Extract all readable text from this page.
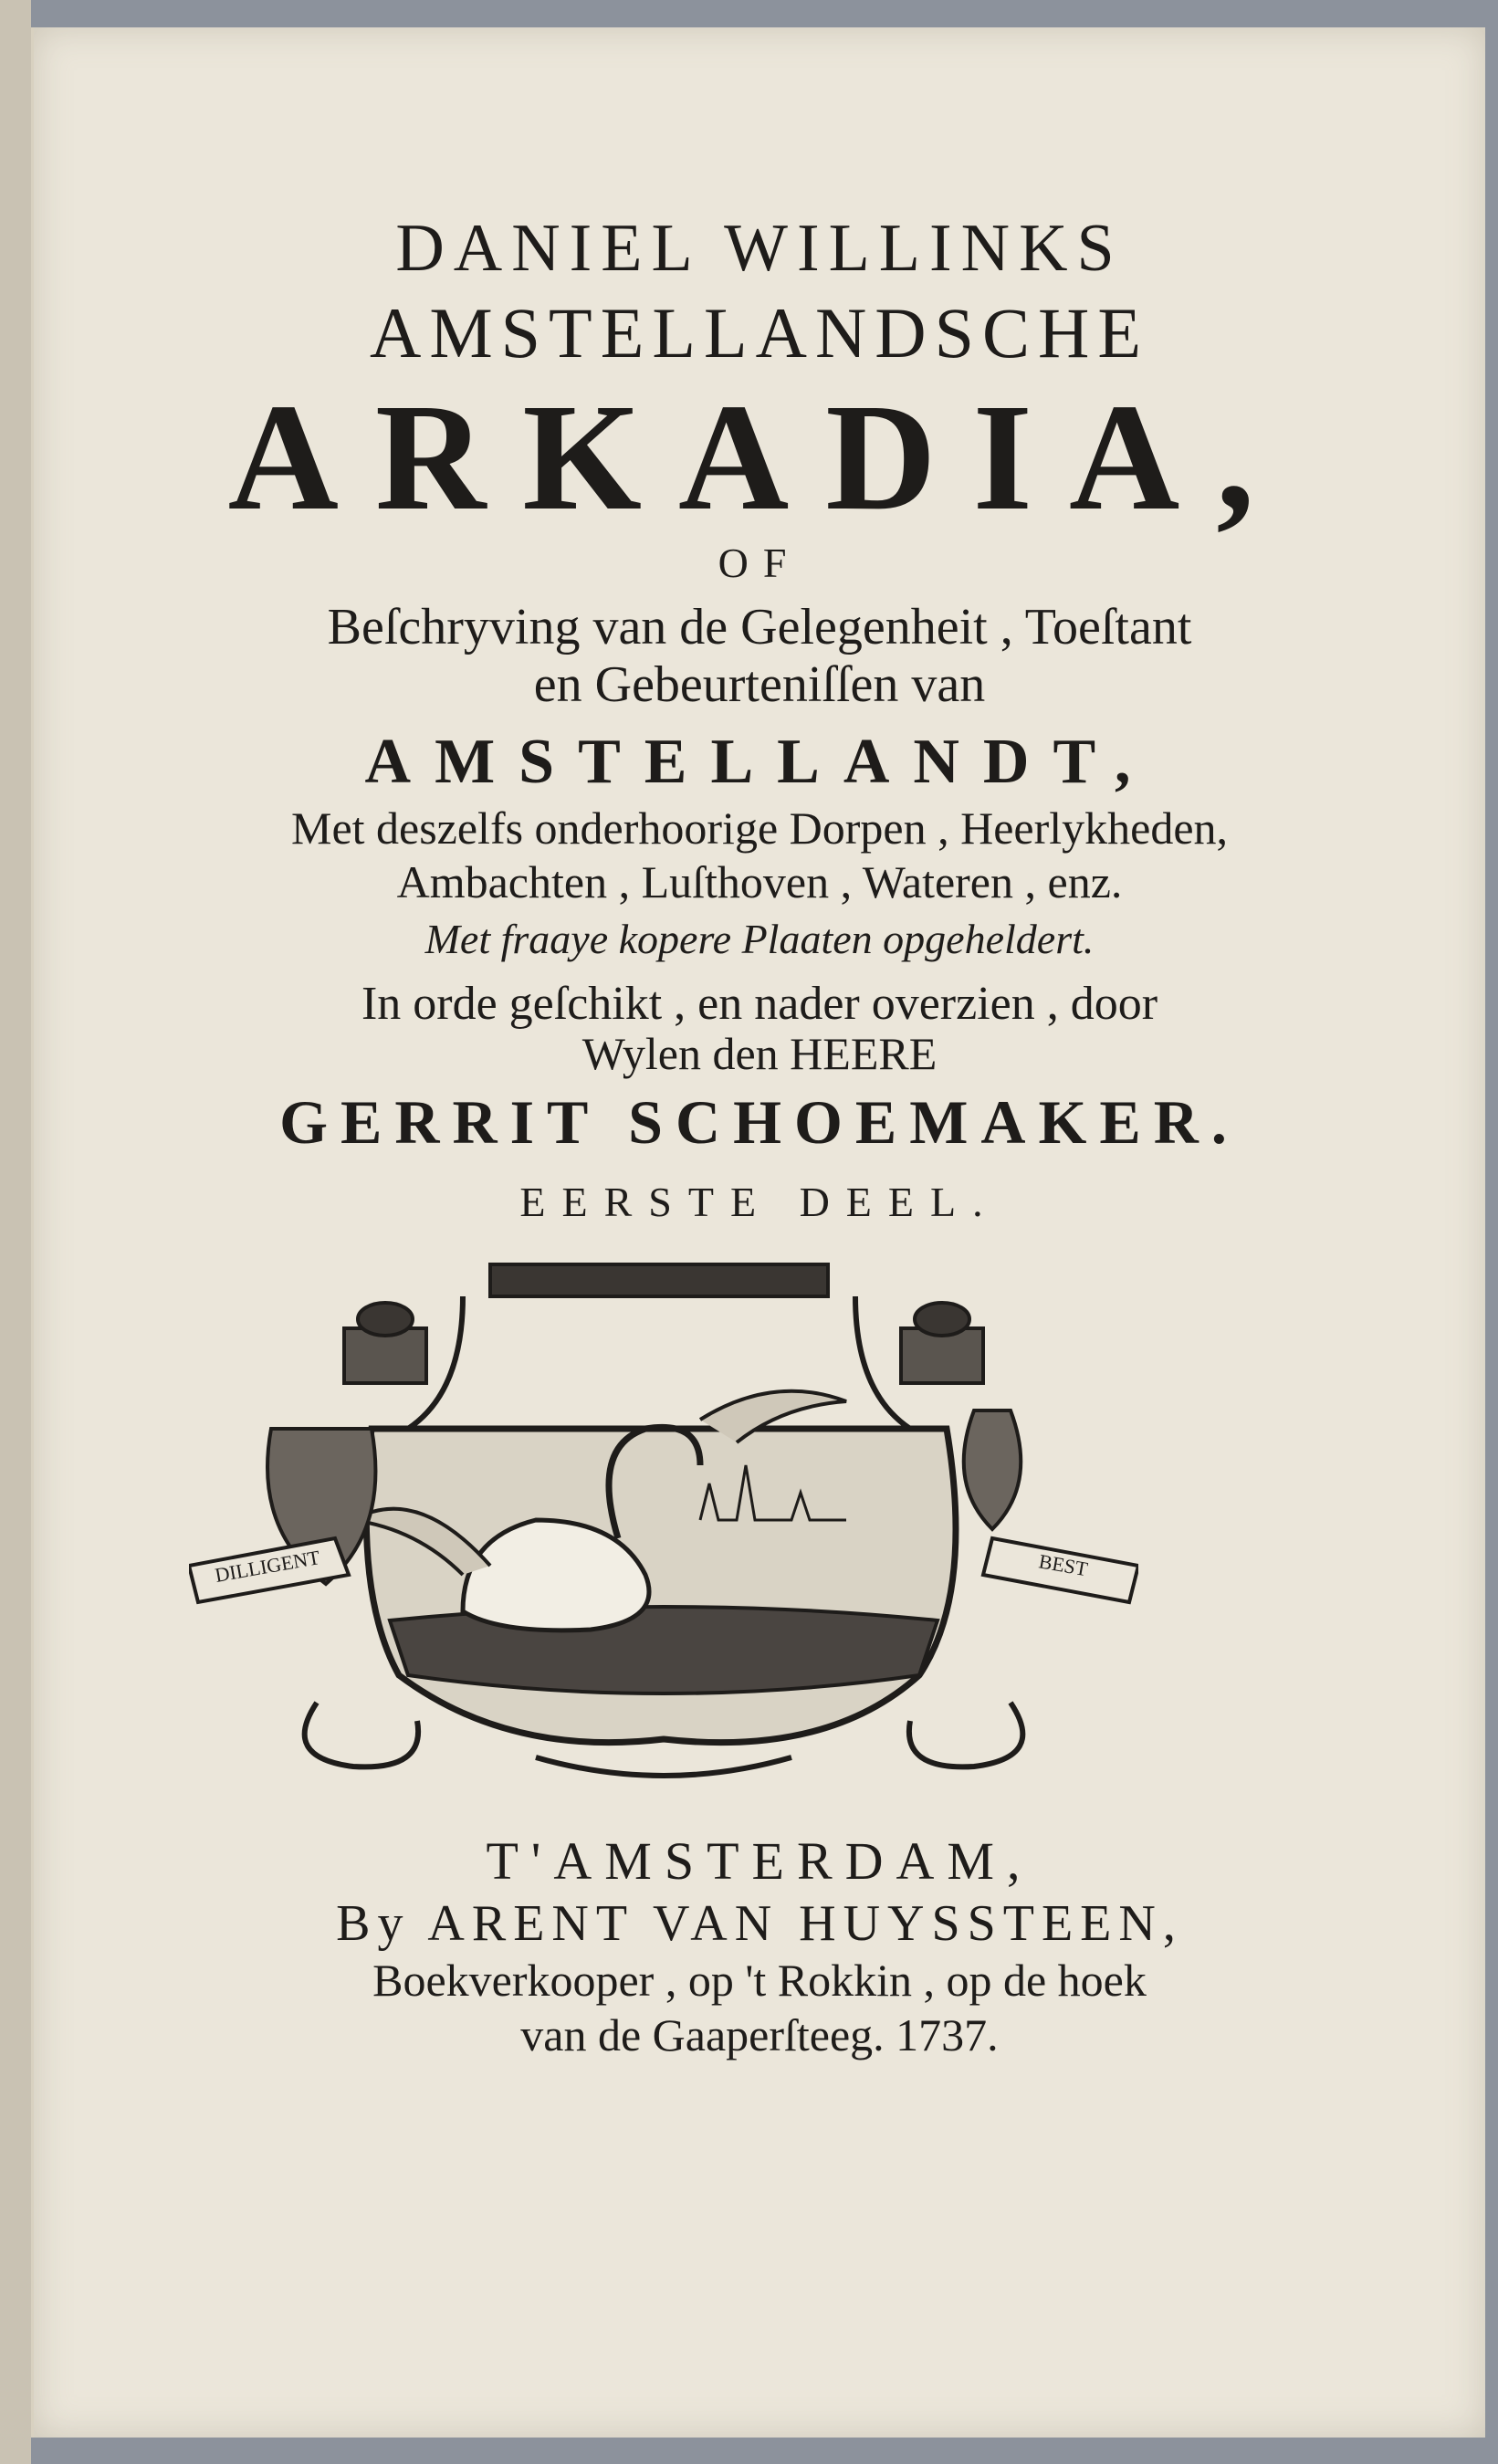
DANIEL WILLINKS
AMSTELLANDSCHE
ARKADIA,
OF
Beſchryving van de Gelegenheit , Toeſtant
en Gebeurteniſſen van
AMSTELLANDT,
Met deszelfs onderhoorige Dorpen , Heerlykheden,
Ambachten , Luſthoven , Wateren , enz.
Met fraaye kopere Plaaten opgeheldert.
In orde geſchikt , en nader overzien , door
Wylen den HEERE
GERRIT SCHOEMAKER.
EERSTE DEEL.
DILLIGENT	BEST
T'AMSTERDAM,
By ARENT VAN HUYSSTEEN,
Boekverkooper , op 't Rokkin , op de hoek
van de Gaaperſteeg. 1737.
